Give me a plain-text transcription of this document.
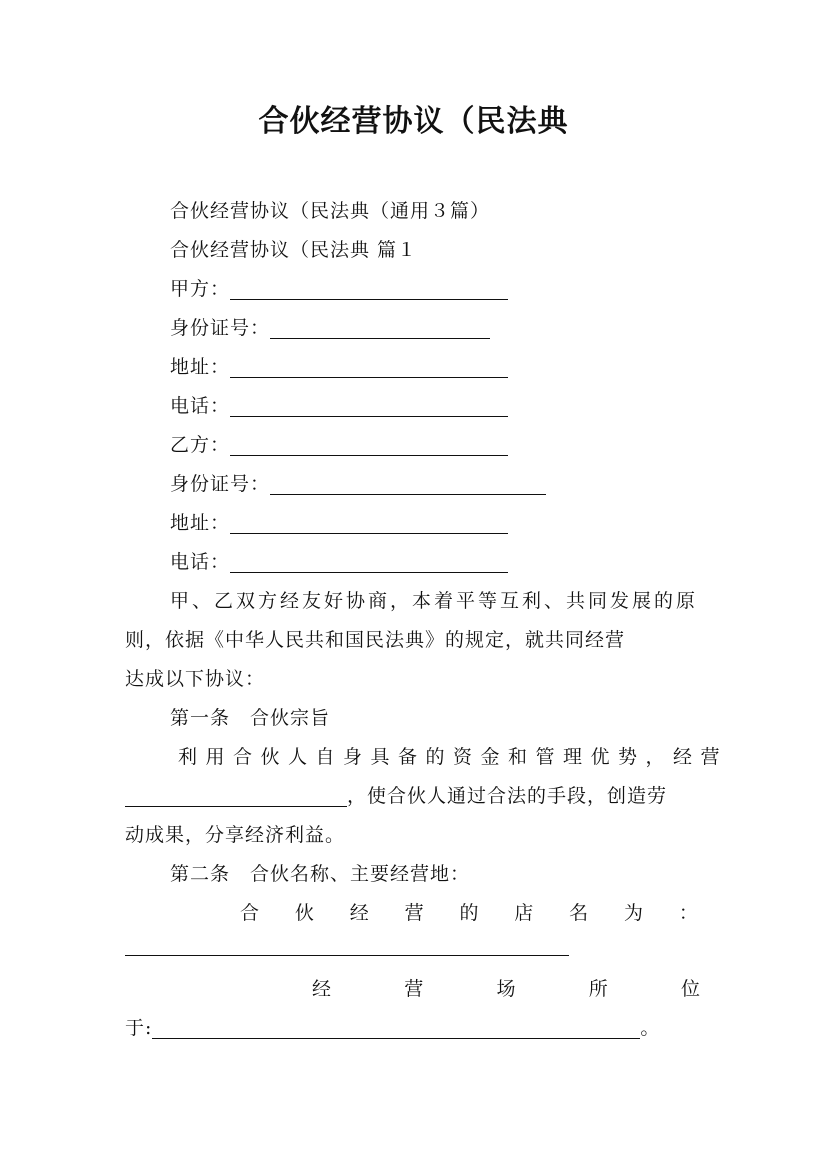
合伙经营协议（民法典
合伙经营协议（民法典（通用３篇）
合伙经营协议（民法典 篇１
甲方：
身份证号：
地址：
电话：
乙方：
身份证号：
地址：
电话：
甲、乙双方经友好协商，本着平等互利、共同发展的原
则，依据《中华人民共和国民法典》的规定，就共同经营
达成以下协议：
第一条　合伙宗旨
利用合伙人自身具备的资金和管理优势，经营
，使合伙人通过合法的手段，创造劳
动成果，分享经济利益。
第二条　合伙名称、主要经营地：
合 伙 经 营 的 店 名 为 ：
经	营	场	所	位
于:	。
